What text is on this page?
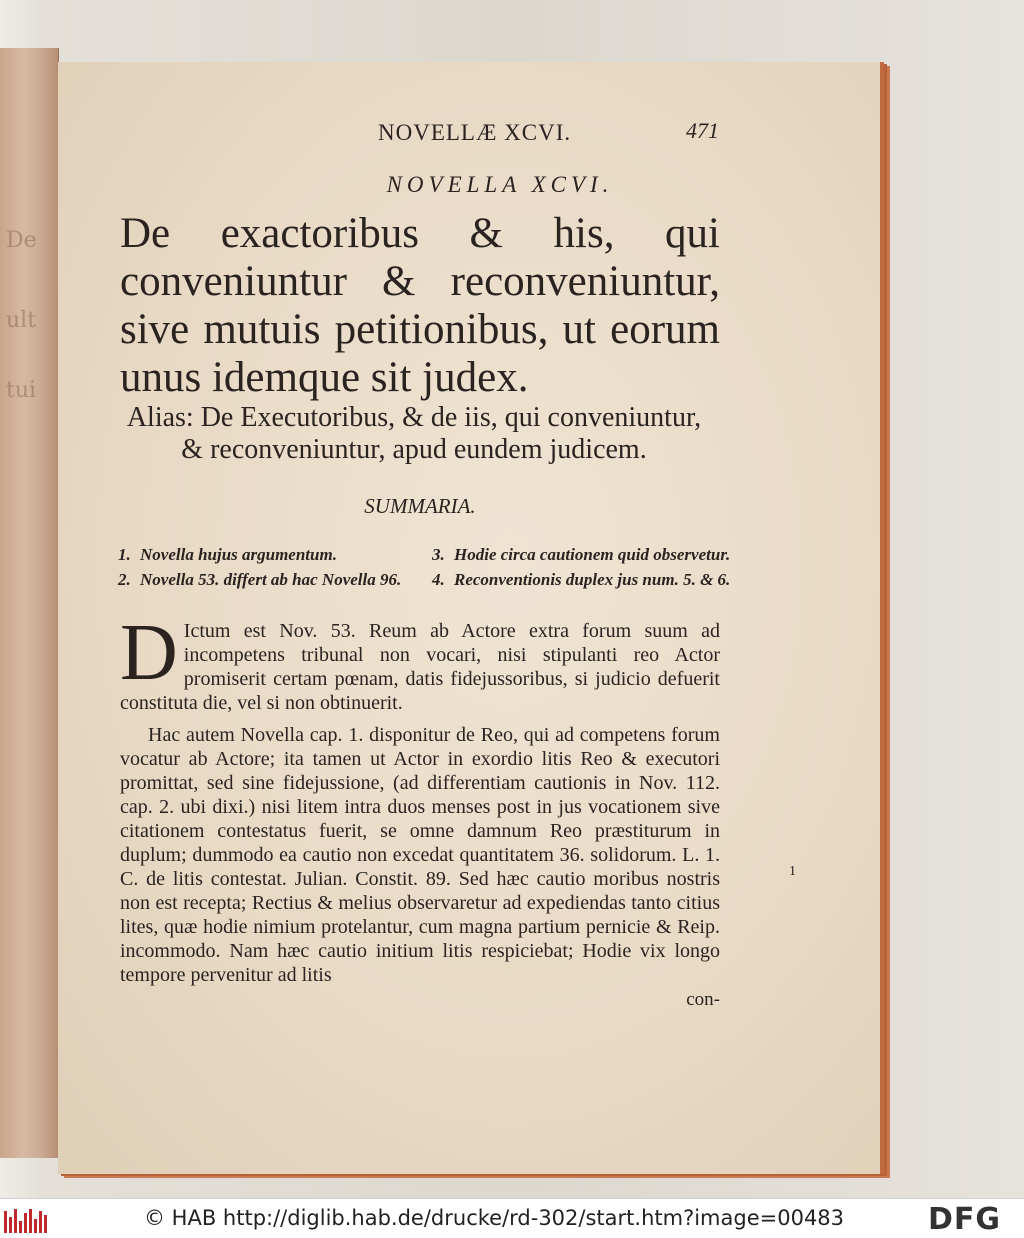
De
ult
tui
NOVELLÆ XCVI.	471
NOVELLA XCVI.
De exactoribus & his, qui conveniuntur & reconveniuntur, sive mutuis petitionibus, ut eorum unus idemque sit judex.
Alias: De Executoribus, & de iis, qui conveniuntur, & reconveniuntur, apud eundem judicem.
SUMMARIA.
1. Novella hujus argumentum.	3. Hodie circa cautionem quid observetur.
2. Novella 53. differt ab hac Novella 96.	4. Reconventionis duplex jus num. 5. & 6.

D Ictum est Nov. 53. Reum ab Actore extra forum suum ad incompetens tribunal non vocari, nisi stipulanti reo Actor promiserit certam pœnam, datis fidejussoribus, si judicio defuerit constituta die, vel si non obtinuerit.

Hac autem Novella cap. 1. disponitur de Reo, qui ad competens forum vocatur ab Actore; ita tamen ut Actor in exordio litis Reo & executori promittat, sed sine fidejussione, (ad differentiam cautionis in Nov. 112. cap. 2. ubi dixi.) nisi litem intra duos menses post in jus vocationem sive citationem contestatus fuerit, se omne damnum Reo præstiturum in duplum; dummodo ea cautio non excedat quantitatem 36. solidorum. L. 1. C. de litis contestat. Julian. Constit. 89. Sed hæc cautio moribus nostris non est recepta; Rectius & melius observaretur ad expediendas tanto citius lites, quæ hodie nimium protelantur, cum magna partium pernicie & Reip. incommodo. Nam hæc cautio initium litis respiciebat; Hodie vix longo tempore pervenitur ad litis

con-
1
© HAB http://diglib.hab.de/drucke/rd-302/start.htm?image=00483	DFG
